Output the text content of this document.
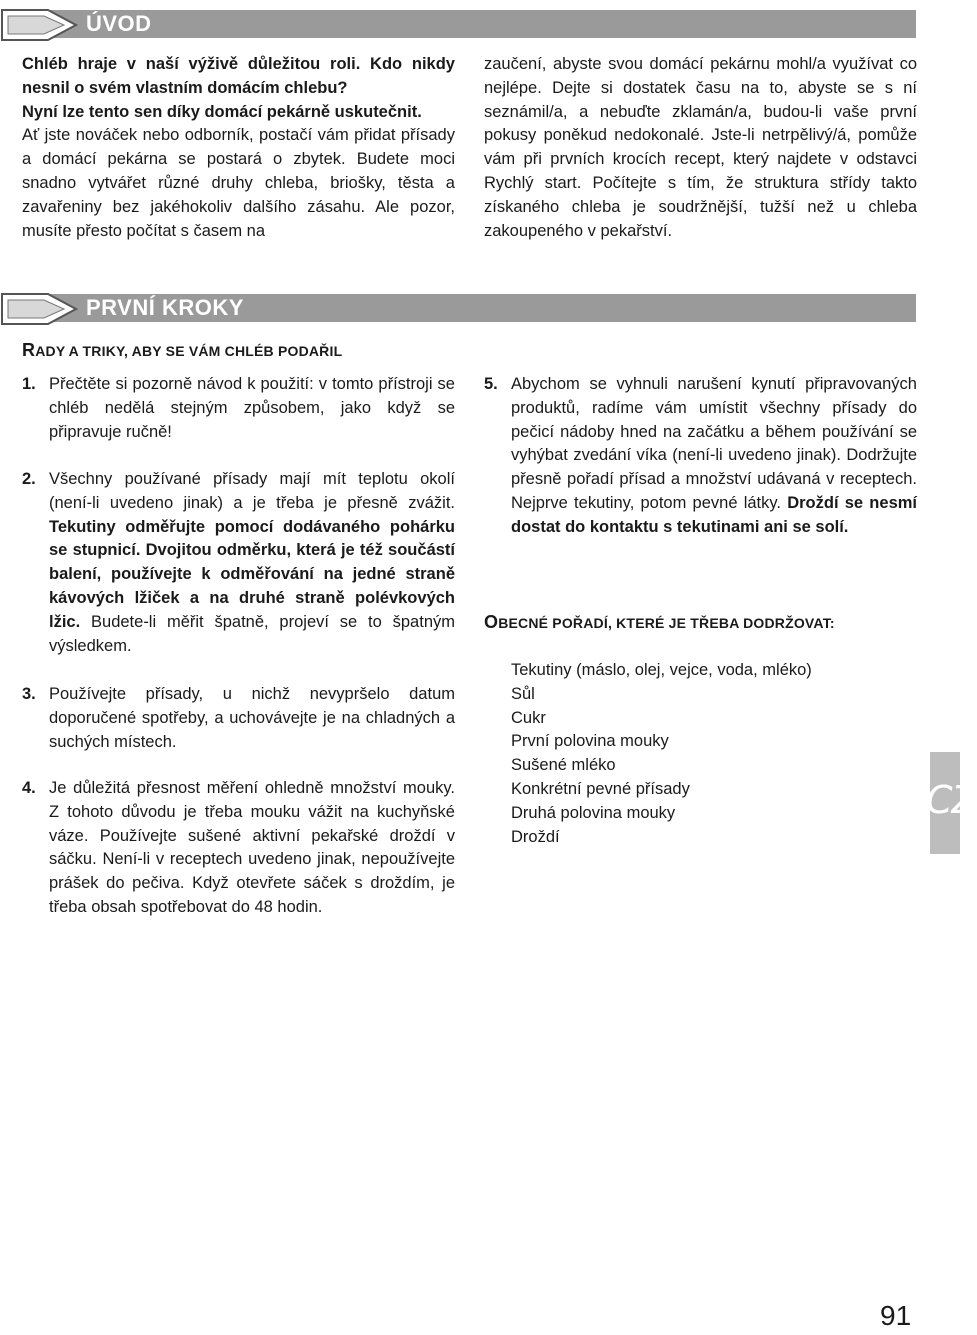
ÚVOD

Chléb hraje v naší výživě důležitou roli. Kdo nikdy nesnil o svém vlastním domácím chlebu?

Nyní lze tento sen díky domácí pekárně uskutečnit.

Ať jste nováček nebo odborník, postačí vám přidat přísady a domácí pekárna se postará o zbytek. Budete moci snadno vytvářet různé druhy chleba, briošky, těsta a zavařeniny bez jakéhokoliv dalšího zásahu. Ale pozor, musíte přesto počítat s časem na

zaučení, abyste svou domácí pekárnu mohl/a využívat co nejlépe. Dejte si dostatek času na to, abyste se s ní seznámil/a, a nebuďte zklamán/a, budou-li vaše první pokusy poněkud nedokonalé. Jste-li netrpělivý/á, pomůže vám při prvních krocích recept, který najdete v odstavci Rychlý start. Počítejte s tím, že struktura střídy takto získaného chleba je soudržnější, tužší než u chleba zakoupeného v pekařství.

PRVNÍ KROKY
RADY A TRIKY, ABY SE VÁM CHLÉB PODAŘIL
1. Přečtěte si pozorně návod k použití: v tomto přístroji se chléb nedělá stejným způsobem, jako když se připravuje ručně!
2. Všechny používané přísady mají mít teplotu okolí (není-li uvedeno jinak) a je třeba je přesně zvážit. Tekutiny odměřujte pomocí dodávaného pohárku se stupnicí. Dvojitou odměrku, která je též součástí balení, používejte k odměřování na jedné straně kávových lžiček a na druhé straně polévkových lžic. Budete-li měřit špatně, projeví se to špatným výsledkem.
3. Používejte přísady, u nichž nevypršelo datum doporučené spotřeby, a uchovávejte je na chladných a suchých místech.
4. Je důležitá přesnost měření ohledně množství mouky. Z tohoto důvodu je třeba mouku vážit na kuchyňské váze. Používejte sušené aktivní pekařské droždí v sáčku. Není-li v receptech uvedeno jinak, nepoužívejte prášek do pečiva. Když otevřete sáček s droždím, je třeba obsah spotřebovat do 48 hodin.
5. Abychom se vyhnuli narušení kynutí připravovaných produktů, radíme vám umístit všechny přísady do pečicí nádoby hned na začátku a během používání se vyhýbat zvedání víka (není-li uvedeno jinak). Dodržujte přesně pořadí přísad a množství udávaná v receptech. Nejprve tekutiny, potom pevné látky. Droždí se nesmí dostat do kontaktu s tekutinami ani se solí.
OBECNÉ POŘADÍ, KTERÉ JE TŘEBA DODRŽOVAT:
Tekutiny (máslo, olej, vejce, voda, mléko)
Sůl
Cukr
První polovina mouky
Sušené mléko
Konkrétní pevné přísady
Druhá polovina mouky
Droždí
CZ
91
